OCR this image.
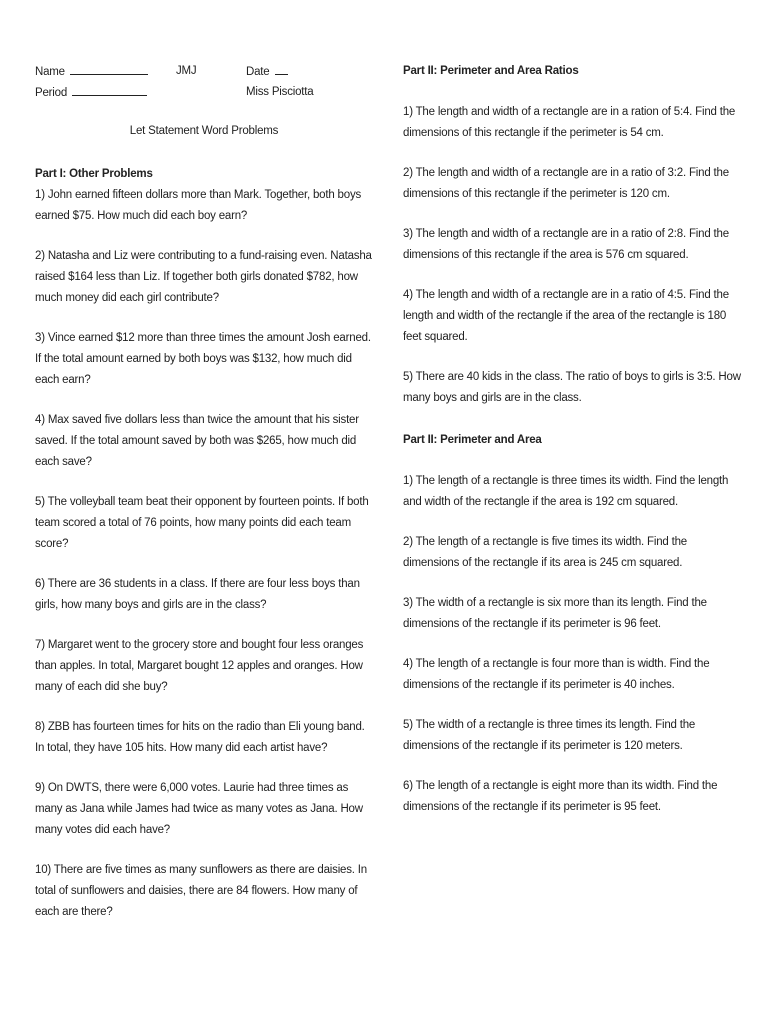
Name	JMJ	Date
Period	Miss Pisciotta
Let Statement Word Problems

Part I: Other Problems

1) John earned fifteen dollars more than Mark. Together, both boys earned $75. How much did each boy earn?

2) Natasha and Liz were contributing to a fund-raising even. Natasha raised $164 less than Liz. If together both girls donated $782, how much money did each girl contribute?

3) Vince earned $12 more than three times the amount Josh earned. If the total amount earned by both boys was $132, how much did each earn?

4) Max saved five dollars less than twice the amount that his sister saved. If the total amount saved by both was $265, how much did each save?

5) The volleyball team beat their opponent by fourteen points. If both team scored a total of 76 points, how many points did each team score?

6) There are 36 students in a class. If there are four less boys than girls, how many boys and girls are in the class?

7) Margaret went to the grocery store and bought four less oranges than apples. In total, Margaret bought 12 apples and oranges. How many of each did she buy?

8) ZBB has fourteen times for hits on the radio than Eli young band. In total, they have 105 hits. How many did each artist have?

9) On DWTS, there were 6,000 votes. Laurie had three times as many as Jana while James had twice as many votes as Jana. How many votes did each have?

10) There are five times as many sunflowers as there are daisies. In total of sunflowers and daisies, there are 84 flowers. How many of each are there?

Part II: Perimeter and Area Ratios

1) The length and width of a rectangle are in a ration of 5:4. Find the dimensions of this rectangle if the perimeter is 54 cm.

2) The length and width of a rectangle are in a ratio of 3:2. Find the dimensions of this rectangle if the perimeter is 120 cm.

3) The length and width of a rectangle are in a ratio of 2:8. Find the dimensions of this rectangle if the area is 576 cm squared.

4) The length and width of a rectangle are in a ratio of 4:5. Find the length and width of the rectangle if the area of the rectangle is 180 feet squared.

5) There are 40 kids in the class. The ratio of boys to girls is 3:5. How many boys and girls are in the class.

Part II: Perimeter and Area

1) The length of a rectangle is three times its width. Find the length and width of the rectangle if the area is 192 cm squared.

2) The length of a rectangle is five times its width. Find the dimensions of the rectangle if its area is 245 cm squared.

3) The width of a rectangle is six more than its length. Find the dimensions of the rectangle if its perimeter is 96 feet.

4) The length of a rectangle is four more than is width. Find the dimensions of the rectangle if its perimeter is 40 inches.

5) The width of a rectangle is three times its length. Find the dimensions of the rectangle if its perimeter is 120 meters.

6) The length of a rectangle is eight more than its width. Find the dimensions of the rectangle if its perimeter is 95 feet.
